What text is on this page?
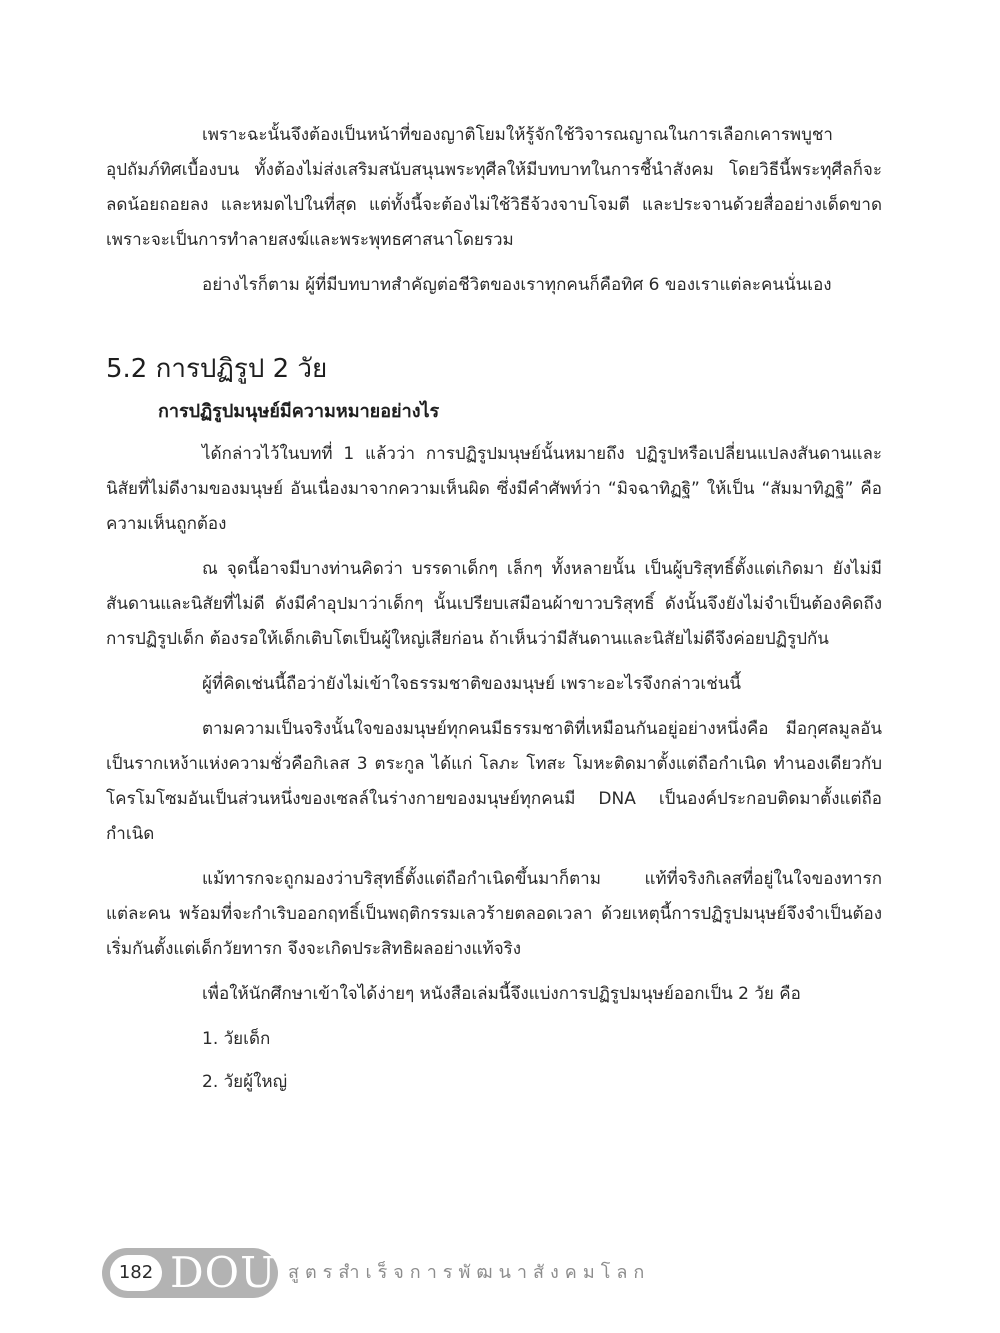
เพราะฉะนั้นจึงต้องเป็นหน้าที่ของญาติโยมให้รู้จักใช้วิจารณญาณในการเลือกเคารพบูชาอุปถัมภ์ทิศเบื้องบน ทั้งต้องไม่ส่งเสริมสนับสนุนพระทุศีลให้มีบทบาทในการชี้นำสังคม โดยวิธีนี้พระทุศีลก็จะลดน้อยถอยลง และหมดไปในที่สุด แต่ทั้งนี้จะต้องไม่ใช้วิธีจ้วงจาบโจมตี และประจานด้วยสื่ออย่างเด็ดขาด เพราะจะเป็นการทำลายสงฆ์และพระพุทธศาสนาโดยรวม

อย่างไรก็ตาม ผู้ที่มีบทบาทสำคัญต่อชีวิตของเราทุกคนก็คือทิศ 6 ของเราแต่ละคนนั่นเอง

5.2 การปฏิรูป 2 วัย
การปฏิรูปมนุษย์มีความหมายอย่างไร

ได้กล่าวไว้ในบทที่ 1 แล้วว่า การปฏิรูปมนุษย์นั้นหมายถึง ปฏิรูปหรือเปลี่ยนแปลงสันดานและนิสัยที่ไม่ดีงามของมนุษย์ อันเนื่องมาจากความเห็นผิด ซึ่งมีคำศัพท์ว่า “มิจฉาทิฏฐิ” ให้เป็น “สัมมาทิฏฐิ” คือความเห็นถูกต้อง

ณ จุดนี้อาจมีบางท่านคิดว่า บรรดาเด็กๆ เล็กๆ ทั้งหลายนั้น เป็นผู้บริสุทธิ์ตั้งแต่เกิดมา ยังไม่มีสันดานและนิสัยที่ไม่ดี ดังมีคำอุปมาว่าเด็กๆ นั้นเปรียบเสมือนผ้าขาวบริสุทธิ์ ดังนั้นจึงยังไม่จำเป็นต้องคิดถึงการปฏิรูปเด็ก ต้องรอให้เด็กเติบโตเป็นผู้ใหญ่เสียก่อน ถ้าเห็นว่ามีสันดานและนิสัยไม่ดีจึงค่อยปฏิรูปกัน

ผู้ที่คิดเช่นนี้ถือว่ายังไม่เข้าใจธรรมชาติของมนุษย์ เพราะอะไรจึงกล่าวเช่นนี้

ตามความเป็นจริงนั้นใจของมนุษย์ทุกคนมีธรรมชาติที่เหมือนกันอยู่อย่างหนึ่งคือ มีอกุศลมูลอันเป็นรากเหง้าแห่งความชั่วคือกิเลส 3 ตระกูล ได้แก่ โลภะ โทสะ โมหะติดมาตั้งแต่ถือกำเนิด ทำนองเดียวกับโครโมโซมอันเป็นส่วนหนึ่งของเซลล์ในร่างกายของมนุษย์ทุกคนมี DNA เป็นองค์ประกอบติดมาตั้งแต่ถือกำเนิด

แม้ทารกจะถูกมองว่าบริสุทธิ์ตั้งแต่ถือกำเนิดขึ้นมาก็ตาม แท้ที่จริงกิเลสที่อยู่ในใจของทารกแต่ละคน พร้อมที่จะกำเริบออกฤทธิ์เป็นพฤติกรรมเลวร้ายตลอดเวลา ด้วยเหตุนี้การปฏิรูปมนุษย์จึงจำเป็นต้องเริ่มกันตั้งแต่เด็กวัยทารก จึงจะเกิดประสิทธิผลอย่างแท้จริง

เพื่อให้นักศึกษาเข้าใจได้ง่ายๆ หนังสือเล่มนี้จึงแบ่งการปฏิรูปมนุษย์ออกเป็น 2 วัย คือ

1. วัยเด็ก
2. วัยผู้ใหญ่
182 DOU สูตรสำเร็จการพัฒนาสังคมโลก
